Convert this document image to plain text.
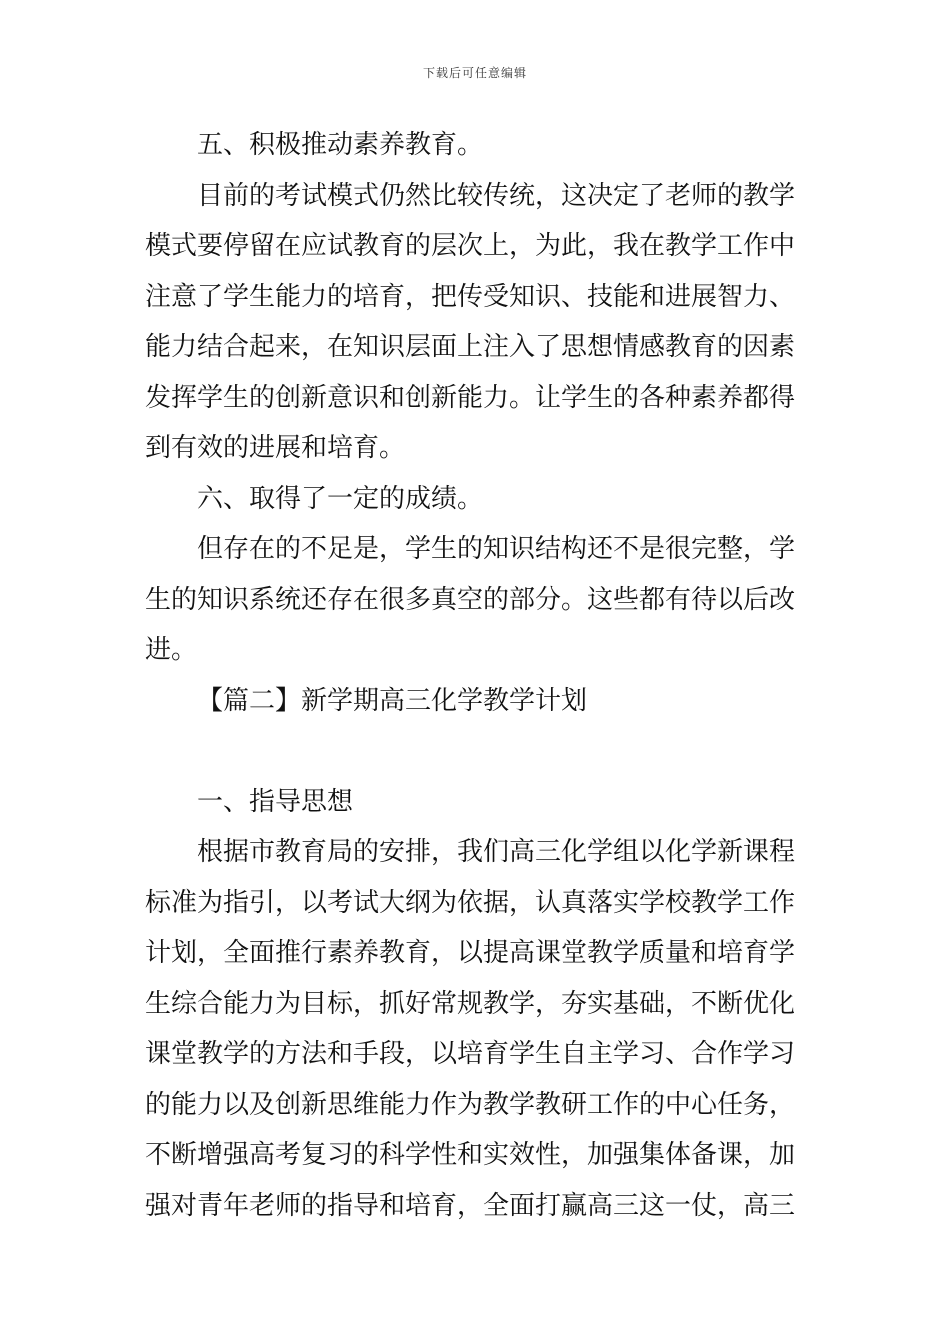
下载后可任意编辑
五、积极推动素养教育。
目前的考试模式仍然比较传统，这决定了老师的教学
模式要停留在应试教育的层次上，为此，我在教学工作中
注意了学生能力的培育，把传受知识、技能和进展智力、
能力结合起来，在知识层面上注入了思想情感教育的因素
发挥学生的创新意识和创新能力。让学生的各种素养都得
到有效的进展和培育。
六、取得了一定的成绩。
但存在的不足是，学生的知识结构还不是很完整，学
生的知识系统还存在很多真空的部分。这些都有待以后改
进。
【篇二】新学期高三化学教学计划
一、指导思想
根据市教育局的安排，我们高三化学组以化学新课程
标准为指引，以考试大纲为依据，认真落实学校教学工作
计划，全面推行素养教育，以提高课堂教学质量和培育学
生综合能力为目标，抓好常规教学，夯实基础，不断优化
课堂教学的方法和手段，以培育学生自主学习、合作学习
的能力以及创新思维能力作为教学教研工作的中心任务，
不断增强高考复习的科学性和实效性，加强集体备课，加
强对青年老师的指导和培育，全面打赢高三这一仗，高三
